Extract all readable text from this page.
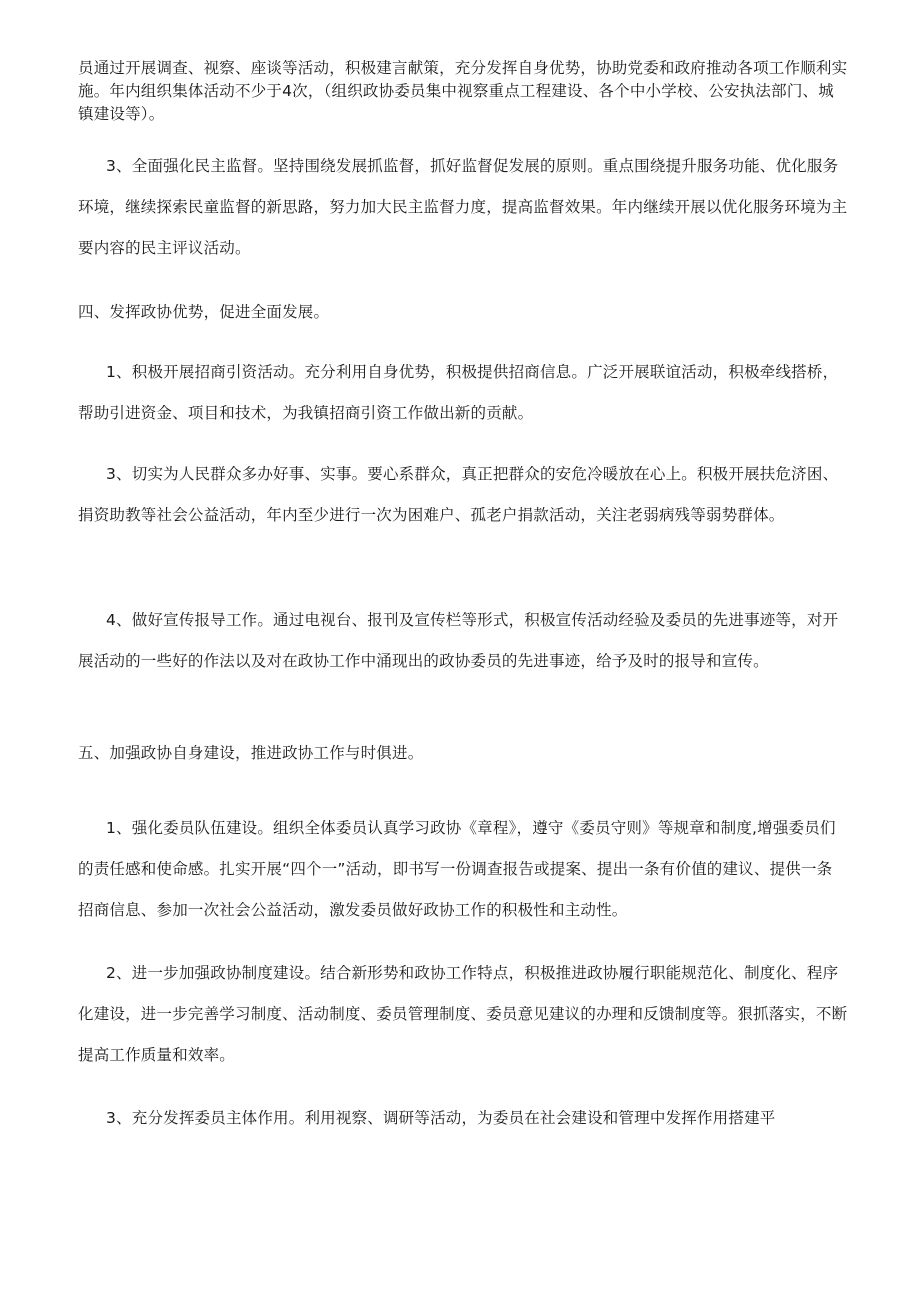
员通过开展调查、视察、座谈等活动，积极建言献策，充分发挥自身优势，协助党委和政府推动各项工作顺利实施。年内组织集体活动不少于4次，（组织政协委员集中视察重点工程建设、各个中小学校、公安执法部门、城镇建设等）。

3、全面强化民主监督。坚持围绕发展抓监督，抓好监督促发展的原则。重点围绕提升服务功能、优化服务环境，继续探索民童监督的新思路，努力加大民主监督力度，提高监督效果。年内继续开展以优化服务环境为主要内容的民主评议活动。

四、发挥政协优势，促进全面发展。

1、积极开展招商引资活动。充分利用自身优势，积极提供招商信息。广泛开展联谊活动，积极牵线搭桥，帮助引进资金、项目和技术，为我镇招商引资工作做出新的贡献。

3、切实为人民群众多办好事、实事。要心系群众，真正把群众的安危冷暖放在心上。积极开展扶危济困、捐资助教等社会公益活动，年内至少进行一次为困难户、孤老户捐款活动，关注老弱病残等弱势群体。

4、做好宣传报导工作。通过电视台、报刊及宣传栏等形式，积极宣传活动经验及委员的先进事迹等，对开展活动的一些好的作法以及对在政协工作中涌现出的政协委员的先进事迹，给予及时的报导和宣传。

五、加强政协自身建设，推进政协工作与时俱进。

1、强化委员队伍建设。组织全体委员认真学习政协《章程》，遵守《委员守则》等规章和制度,增强委员们的责任感和使命感。扎实开展“四个一”活动，即书写一份调查报告或提案、提出一条有价值的建议、提供一条招商信息、参加一次社会公益活动，激发委员做好政协工作的积极性和主动性。

2、进一步加强政协制度建设。结合新形势和政协工作特点，积极推进政协履行职能规范化、制度化、程序化建设，进一步完善学习制度、活动制度、委员管理制度、委员意见建议的办理和反馈制度等。狠抓落实，不断提高工作质量和效率。

3、充分发挥委员主体作用。利用视察、调研等活动，为委员在社会建设和管理中发挥作用搭建平
